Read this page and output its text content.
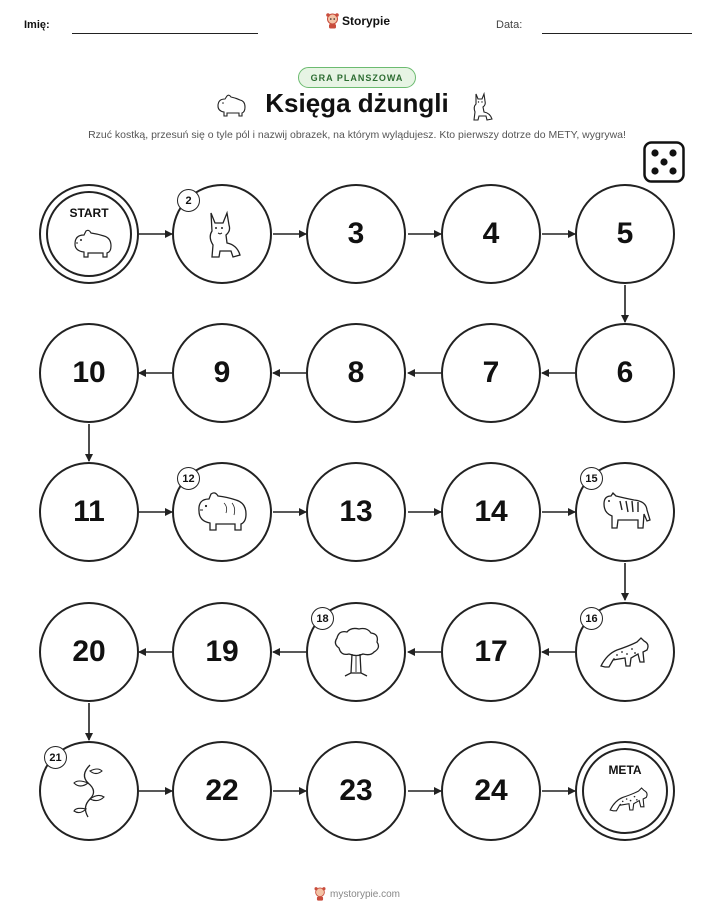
Imię:	Storypie	Data:
GRA PLANSZOWA
Księga dżungli
Rzuć kostką, przesuń się o tyle pól i nazwij obrazek, na którym wylądujesz. Kto pierwszy dotrze do METY, wygrywa!
START
2
3	4	5
10	9	8	7	6
11
12
13	14
15
20	19
18
17
16
21
22	23	24
META
mystorypie.com
